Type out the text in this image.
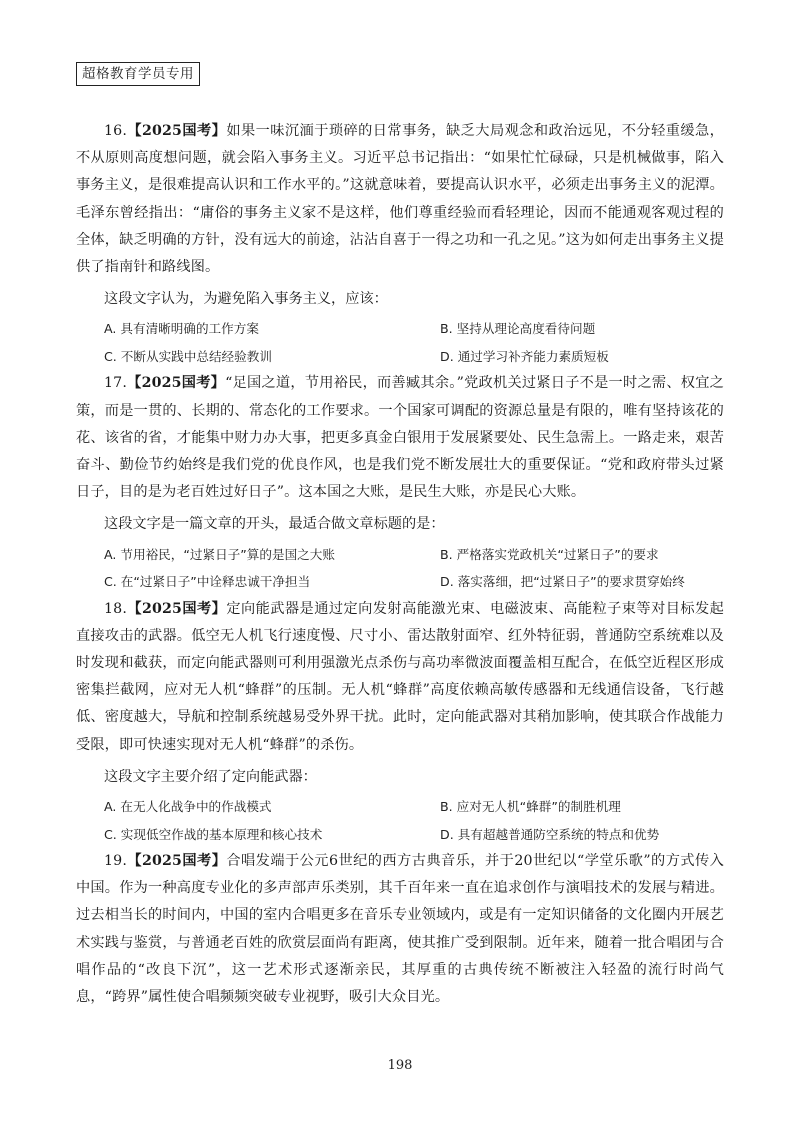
超格教育学员专用

16.【2025国考】如果一味沉湎于琐碎的日常事务，缺乏大局观念和政治远见，不分轻重缓急，不从原则高度想问题，就会陷入事务主义。习近平总书记指出：“如果忙忙碌碌，只是机械做事，陷入事务主义，是很难提高认识和工作水平的。”这就意味着，要提高认识水平，必须走出事务主义的泥潭。毛泽东曾经指出：“庸俗的事务主义家不是这样，他们尊重经验而看轻理论，因而不能通观客观过程的全体，缺乏明确的方针，没有远大的前途，沾沾自喜于一得之功和一孔之见。”这为如何走出事务主义提供了指南针和路线图。

这段文字认为，为避免陷入事务主义，应该：

A. 具有清晰明确的工作方案	B. 坚持从理论高度看待问题
C. 不断从实践中总结经验教训	D. 通过学习补齐能力素质短板

17.【2025国考】“足国之道，节用裕民，而善臧其余。”党政机关过紧日子不是一时之需、权宜之策，而是一贯的、长期的、常态化的工作要求。一个国家可调配的资源总量是有限的，唯有坚持该花的花、该省的省，才能集中财力办大事，把更多真金白银用于发展紧要处、民生急需上。一路走来，艰苦奋斗、勤俭节约始终是我们党的优良作风，也是我们党不断发展壮大的重要保证。“党和政府带头过紧日子，目的是为老百姓过好日子”。这本国之大账，是民生大账，亦是民心大账。

这段文字是一篇文章的开头，最适合做文章标题的是：

A. 节用裕民，“过紧日子”算的是国之大账	B. 严格落实党政机关“过紧日子”的要求
C. 在“过紧日子”中诠释忠诚干净担当	D. 落实落细，把“过紧日子”的要求贯穿始终

18.【2025国考】定向能武器是通过定向发射高能激光束、电磁波束、高能粒子束等对目标发起直接攻击的武器。低空无人机飞行速度慢、尺寸小、雷达散射面窄、红外特征弱，普通防空系统难以及时发现和截获，而定向能武器则可利用强激光点杀伤与高功率微波面覆盖相互配合，在低空近程区形成密集拦截网，应对无人机“蜂群”的压制。无人机“蜂群”高度依赖高敏传感器和无线通信设备，飞行越低、密度越大，导航和控制系统越易受外界干扰。此时，定向能武器对其稍加影响，使其联合作战能力受限，即可快速实现对无人机“蜂群”的杀伤。

这段文字主要介绍了定向能武器：

A. 在无人化战争中的作战模式	B. 应对无人机“蜂群”的制胜机理
C. 实现低空作战的基本原理和核心技术	D. 具有超越普通防空系统的特点和优势

19.【2025国考】合唱发端于公元6世纪的西方古典音乐，并于20世纪以“学堂乐歌”的方式传入中国。作为一种高度专业化的多声部声乐类别，其千百年来一直在追求创作与演唱技术的发展与精进。过去相当长的时间内，中国的室内合唱更多在音乐专业领域内，或是有一定知识储备的文化圈内开展艺术实践与鉴赏，与普通老百姓的欣赏层面尚有距离，使其推广受到限制。近年来，随着一批合唱团与合唱作品的“改良下沉”，这一艺术形式逐渐亲民，其厚重的古典传统不断被注入轻盈的流行时尚气息，“跨界”属性使合唱频频突破专业视野，吸引大众目光。

198
